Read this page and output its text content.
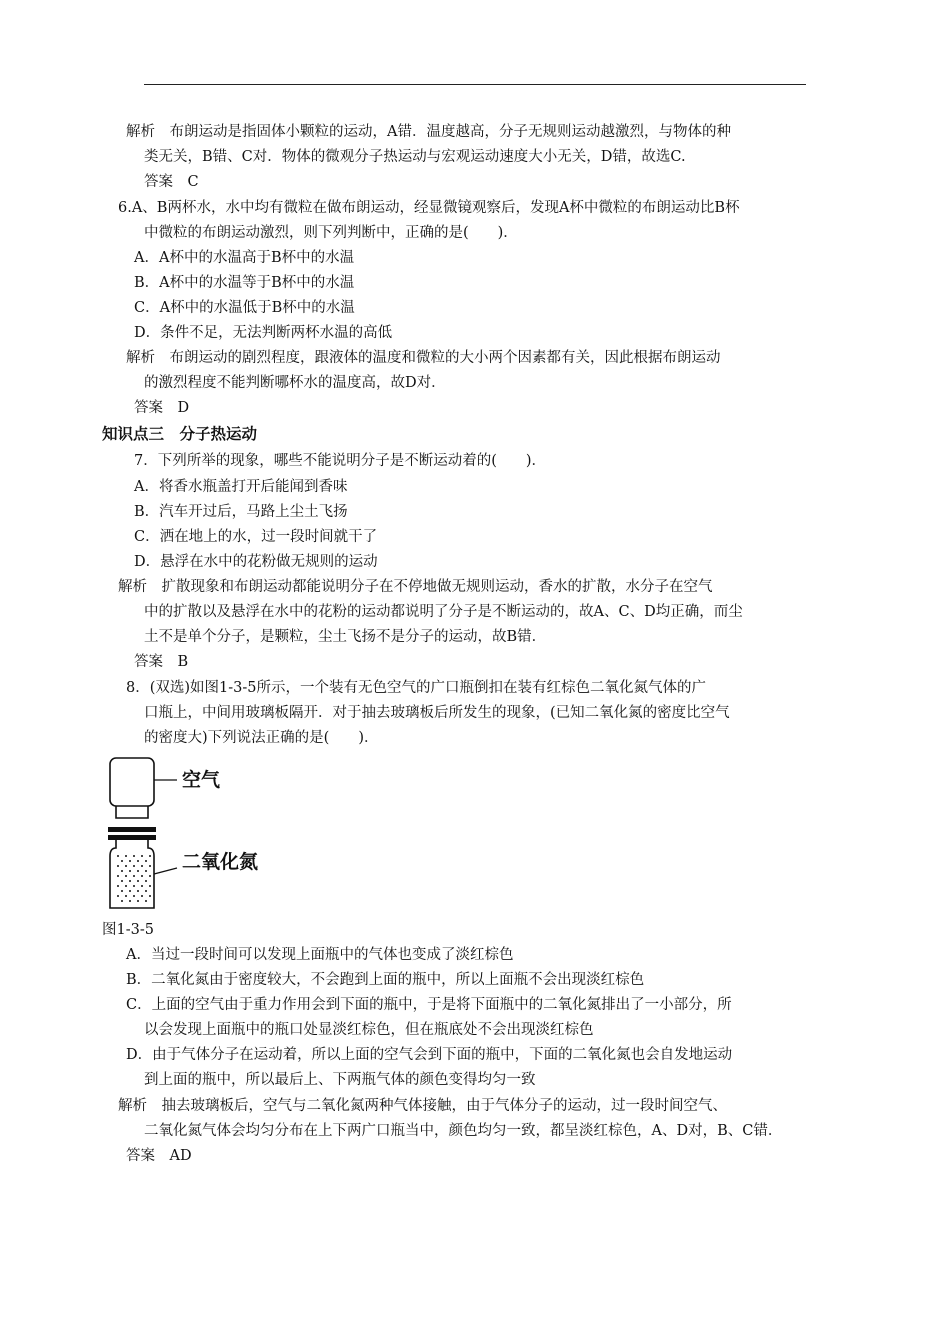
解析　布朗运动是指固体小颗粒的运动，A错．温度越高，分子无规则运动越激烈，与物体的种
类无关，B错、C对．物体的微观分子热运动与宏观运动速度大小无关，D错，故选C.
答案　C
6.A、B两杯水，水中均有微粒在做布朗运动，经显微镜观察后，发现A杯中微粒的布朗运动比B杯
中微粒的布朗运动激烈，则下列判断中，正确的是(　　)．
A．A杯中的水温高于B杯中的水温
B．A杯中的水温等于B杯中的水温
C．A杯中的水温低于B杯中的水温
D．条件不足，无法判断两杯水温的高低
解析　布朗运动的剧烈程度，跟液体的温度和微粒的大小两个因素都有关，因此根据布朗运动
的激烈程度不能判断哪杯水的温度高，故D对．
答案　D
知识点三　分子热运动
7．下列所举的现象，哪些不能说明分子是不断运动着的(　　)．
A．将香水瓶盖打开后能闻到香味
B．汽车开过后，马路上尘土飞扬
C．洒在地上的水，过一段时间就干了
D．悬浮在水中的花粉做无规则的运动
解析　扩散现象和布朗运动都能说明分子在不停地做无规则运动，香水的扩散，水分子在空气
中的扩散以及悬浮在水中的花粉的运动都说明了分子是不断运动的，故A、C、D均正确，而尘
土不是单个分子，是颗粒，尘土飞扬不是分子的运动，故B错．
答案　B
8．(双选)如图1-3-5所示，一个装有无色空气的广口瓶倒扣在装有红棕色二氧化氮气体的广
口瓶上，中间用玻璃板隔开．对于抽去玻璃板后所发生的现象，(已知二氧化氮的密度比空气
的密度大)下列说法正确的是(　　)．
空气
二氧化氮
图1-3-5
A．当过一段时间可以发现上面瓶中的气体也变成了淡红棕色
B．二氧化氮由于密度较大，不会跑到上面的瓶中，所以上面瓶不会出现淡红棕色
C．上面的空气由于重力作用会到下面的瓶中，于是将下面瓶中的二氧化氮排出了一小部分，所
以会发现上面瓶中的瓶口处显淡红棕色，但在瓶底处不会出现淡红棕色
D．由于气体分子在运动着，所以上面的空气会到下面的瓶中，下面的二氧化氮也会自发地运动
到上面的瓶中，所以最后上、下两瓶气体的颜色变得均匀一致
解析　抽去玻璃板后，空气与二氧化氮两种气体接触，由于气体分子的运动，过一段时间空气、
二氧化氮气体会均匀分布在上下两广口瓶当中，颜色均匀一致，都呈淡红棕色，A、D对，B、C错．
答案　AD
